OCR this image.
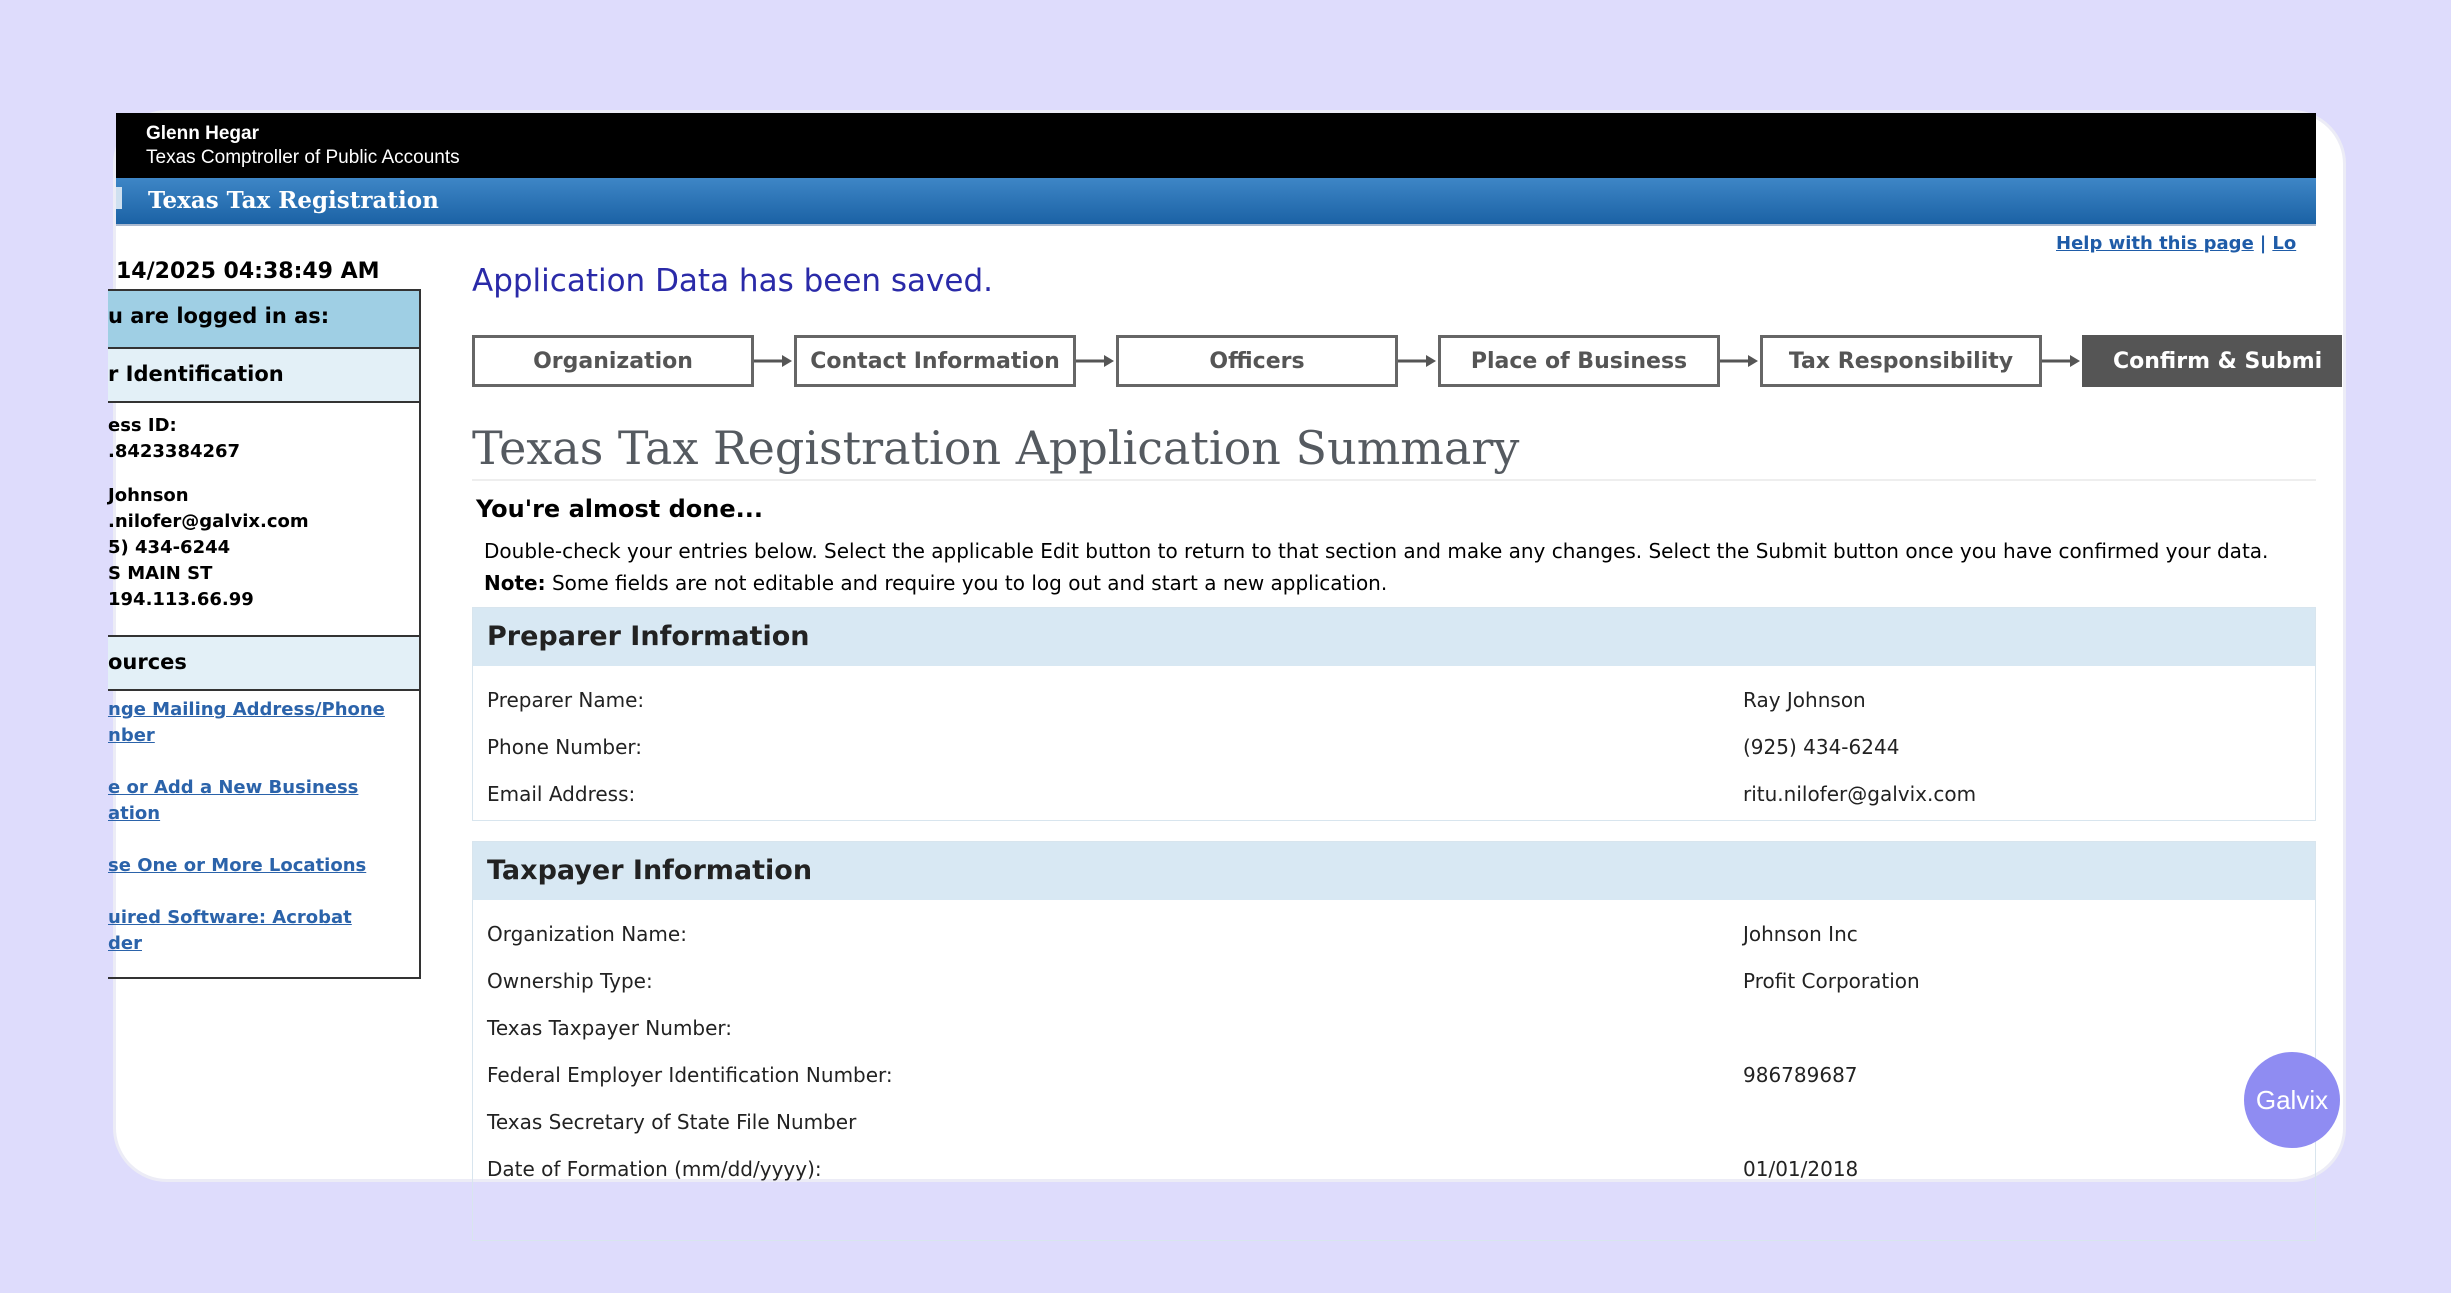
Glenn Hegar
Texas Comptroller of Public Accounts
Texas Tax Registration
Help with this page | Lo
14/2025 04:38:49 AM
u are logged in as:
r Identification
ess ID:
.8423384267
Johnson
.nilofer@galvix.com
5) 434-6244
S MAIN ST
194.113.66.99
ources
nge Mailing Address/Phone
nber
e or Add a New Business
ation
se One or More Locations
uired Software: Acrobat
der
Application Data has been saved.
Organization	Contact Information	Officers	Place of Business	Tax Responsibility	Confirm & Submi
Texas Tax Registration Application Summary
You're almost done...
Double-check your entries below. Select the applicable Edit button to return to that section and make any changes. Select the Submit button once you have confirmed your data.
Note: Some fields are not editable and require you to log out and start a new application.
Preparer Information
Preparer Name:	Ray Johnson
Phone Number:	(925) 434-6244
Email Address:	ritu.nilofer@galvix.com
Taxpayer Information
Organization Name:	Johnson Inc
Ownership Type:	Profit Corporation
Texas Taxpayer Number:
Federal Employer Identification Number:	986789687
Texas Secretary of State File Number
Date of Formation (mm/dd/yyyy):	01/01/2018
Galvix
